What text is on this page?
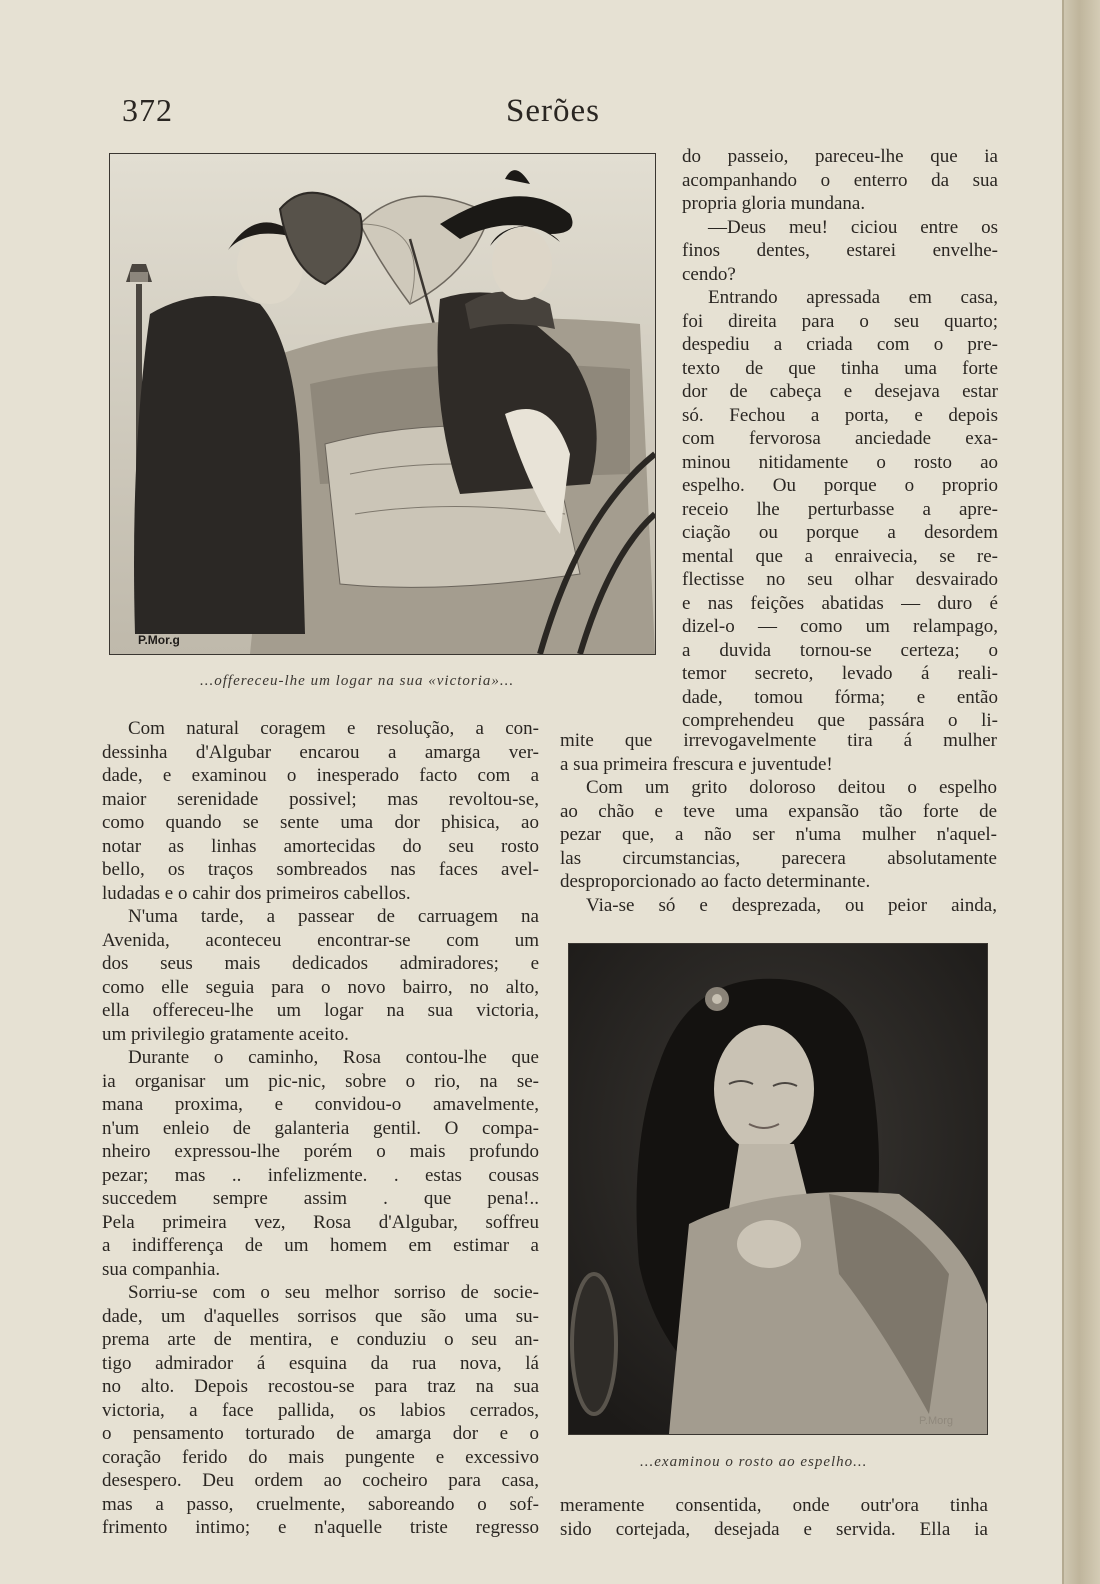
372	Serões
P.Mor.g
...offereceu-lhe um logar na sua «victoria»...
do passeio, pareceu-lhe que ia
acompanhando o enterro da sua
propria gloria mundana.
—Deus meu! ciciou entre os
finos dentes, estarei envelhe-
cendo?
Entrando apressada em casa,
foi direita para o seu quarto;
despediu a criada com o pre-
texto de que tinha uma forte
dor de cabeça e desejava estar
só. Fechou a porta, e depois
com fervorosa anciedade exa-
minou nitidamente o rosto ao
espelho. Ou porque o proprio
receio lhe perturbasse a apre-
ciação ou porque a desordem
mental que a enraivecia, se re-
flectisse no seu olhar desvairado
e nas feições abatidas — duro é
dizel-o — como um relampago,
a duvida tornou-se certeza; o
temor secreto, levado á reali-
dade, tomou fórma; e então
comprehendeu que passára o li-
mite que irrevogavelmente tira á mulher
a sua primeira frescura e juventude!
Com um grito doloroso deitou o espelho
ao chão e teve uma expansão tão forte de
pezar que, a não ser n'uma mulher n'aquel-
las circumstancias, parecera absolutamente
desproporcionado ao facto determinante.
Via-se só e desprezada, ou peior ainda,
Com natural coragem e resolução, a con-
dessinha d'Algubar encarou a amarga ver-
dade, e examinou o inesperado facto com a
maior serenidade possivel; mas revoltou-se,
como quando se sente uma dor phisica, ao
notar as linhas amortecidas do seu rosto
bello, os traços sombreados nas faces avel-
ludadas e o cahir dos primeiros cabellos.
N'uma tarde, a passear de carruagem na
Avenida, aconteceu encontrar-se com um
dos seus mais dedicados admiradores; e
como elle seguia para o novo bairro, no alto,
ella offereceu-lhe um logar na sua victoria,
um privilegio gratamente aceito.
Durante o caminho, Rosa contou-lhe que
ia organisar um pic-nic, sobre o rio, na se-
mana proxima, e convidou-o amavelmente,
n'um enleio de galanteria gentil. O compa-
nheiro expressou-lhe porém o mais profundo
pezar; mas .. infelizmente. . estas cousas
succedem sempre assim . que pena!..
Pela primeira vez, Rosa d'Algubar, soffreu
a indifferença de um homem em estimar a
sua companhia.
Sorriu-se com o seu melhor sorriso de socie-
dade, um d'aquelles sorrisos que são uma su-
prema arte de mentira, e conduziu o seu an-
tigo admirador á esquina da rua nova, lá
no alto. Depois recostou-se para traz na sua
victoria, a face pallida, os labios cerrados,
o pensamento torturado de amarga dor e o
coração ferido do mais pungente e excessivo
desespero. Deu ordem ao cocheiro para casa,
mas a passo, cruelmente, saboreando o sof-
frimento intimo; e n'aquelle triste regresso
P.Morg
...examinou o rosto ao espelho...
meramente consentida, onde outr'ora tinha
sido cortejada, desejada e servida. Ella ia
